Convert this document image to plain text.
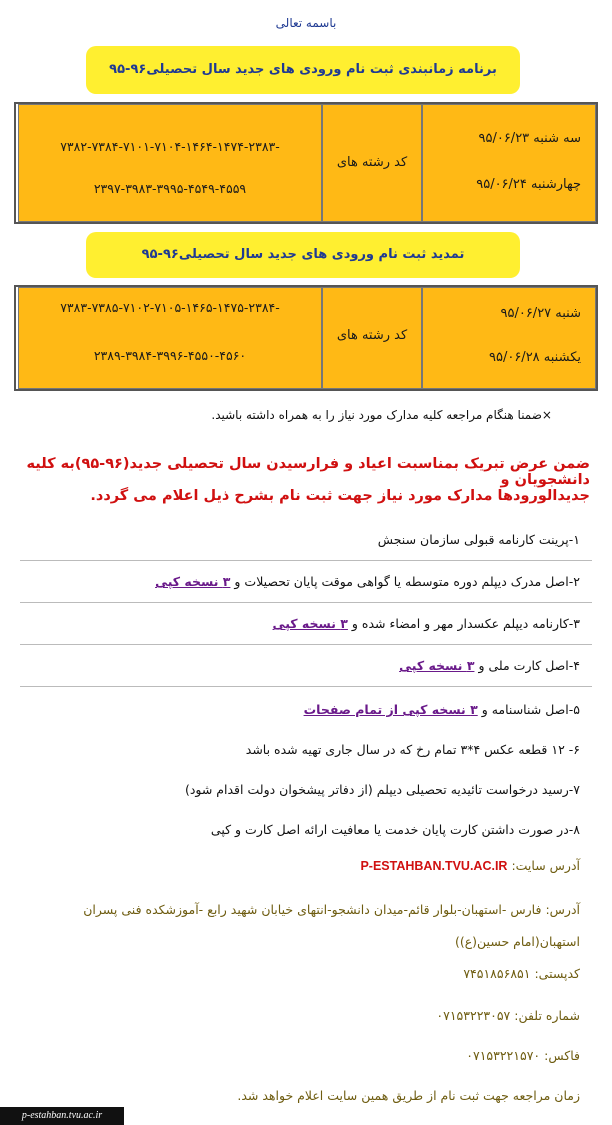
باسمه تعالی
برنامه زمانبندی ثبت نام ورودی های جدید سال تحصیلی۹۶-۹۵
سه شنبه ۹۵/۰۶/۲۳
چهارشنبه ۹۵/۰۶/۲۴
کد رشته های
۷۳۸۲-۷۳۸۴-۷۱۰۱-۷۱۰۴-۱۴۶۴-۱۴۷۴-۲۳۸۳-
۲۳۹۷-۳۹۸۳-۳۹۹۵-۴۵۴۹-۴۵۵۹
تمدید ثبت نام ورودی های جدید سال تحصیلی۹۶-۹۵
شنبه ۹۵/۰۶/۲۷
یکشنبه ۹۵/۰۶/۲۸
کد رشته های
۷۳۸۳-۷۳۸۵-۷۱۰۲-۷۱۰۵-۱۴۶۵-۱۴۷۵-۲۳۸۴-
۲۳۸۹-۳۹۸۴-۳۹۹۶-۴۵۵۰-۴۵۶۰
×ضمنا هنگام مراجعه کلیه مدارک مورد نیاز را به همراه داشته باشید.
ضمن عرض تبریک بمناسبت اعیاد و فرارسیدن سال تحصیلی جدید(۹۶-۹۵)به کلیه دانشجویان و
جدیدالورودها مدارک مورد نیاز جهت ثبت نام بشرح ذیل اعلام می گردد.
۱-پرینت کارنامه قبولی سازمان سنجش
۲-اصل مدرک دیپلم دوره متوسطه یا گواهی موقت پایان تحصیلات و ۳ نسخه کپی
۳-کارنامه دیپلم عکسدار مهر و امضاء شده و ۳ نسخه کپی
۴-اصل کارت ملی و ۳ نسخه کپی
۵-اصل شناسنامه و ۳ نسخه کپی از تمام صفحات
۶- ۱۲ قطعه عکس ۴*۳ تمام رخ که در سال جاری تهیه شده باشد
۷-رسید درخواست تائیدیه تحصیلی دیپلم (از دفاتر پیشخوان دولت اقدام شود)
۸-در صورت داشتن کارت پایان خدمت یا معافیت ارائه اصل کارت و کپی
آدرس سایت: P-ESTAHBAN.TVU.AC.IR
آدرس: فارس -استهبان-بلوار قائم-میدان دانشجو-انتهای خیابان شهید رابع -آموزشکده فنی پسران
استهبان(امام حسین(ع))
کدپستی: ۷۴۵۱۸۵۶۸۵۱
شماره تلفن: ۰۷۱۵۳۲۲۳۰۵۷
فاکس: ۰۷۱۵۳۲۲۱۵۷۰
زمان مراجعه جهت ثبت نام از طریق همین سایت اعلام خواهد شد.
p-estahban.tvu.ac.ir
